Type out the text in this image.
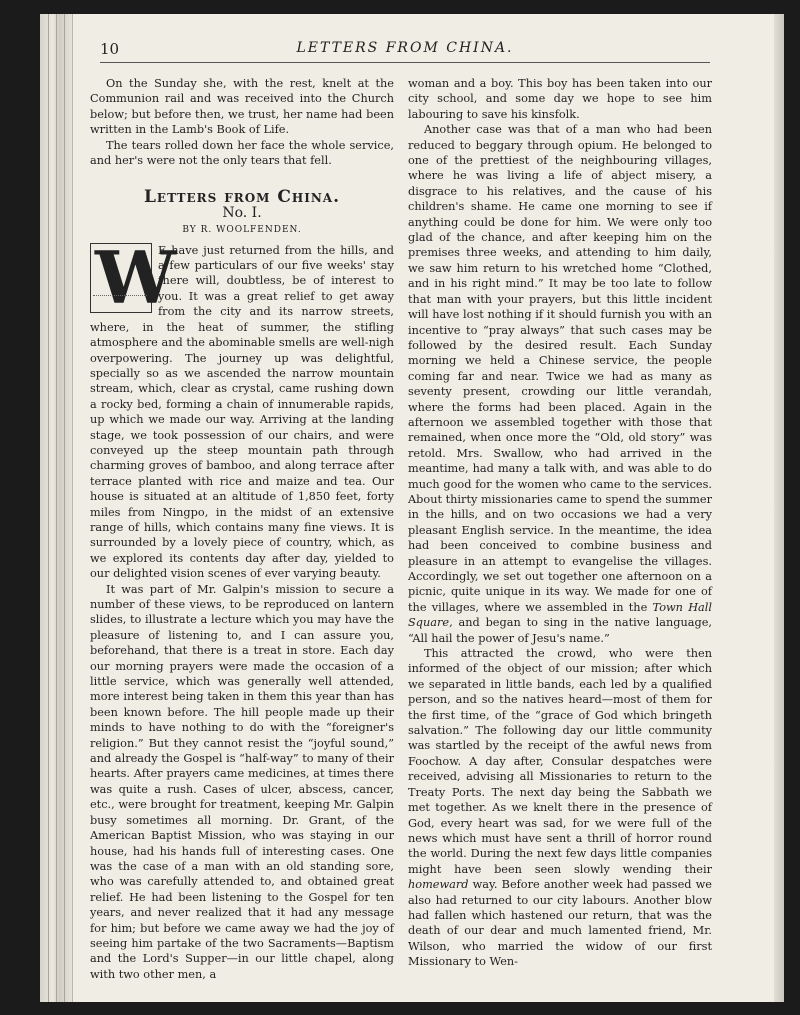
10	LETTERS FROM CHINA.

On the Sunday she, with the rest, knelt at the Communion rail and was received into the Church below; but before then, we trust, her name had been written in the Lamb's Book of Life.

The tears rolled down her face the whole service, and her's were not the only tears that fell.

Letters from China.
No. I.
BY R. WOOLFENDEN.
W

E have just returned from the hills, and a few particulars of our five weeks' stay there will, doubtless, be of interest to you. It was a great relief to get away from the city and its narrow streets, where, in the heat of summer, the stifling atmosphere and the abominable smells are well-nigh overpowering. The journey up was delightful, specially so as we ascended the narrow mountain stream, which, clear as crystal, came rushing down a rocky bed, forming a chain of innumerable rapids, up which we made our way. Arriving at the landing stage, we took possession of our chairs, and were conveyed up the steep mountain path through charming groves of bamboo, and along terrace after terrace planted with rice and maize and tea. Our house is situated at an altitude of 1,850 feet, forty miles from Ningpo, in the midst of an extensive range of hills, which contains many fine views. It is surrounded by a lovely piece of country, which, as we explored its contents day after day, yielded to our delighted vision scenes of ever varying beauty.

It was part of Mr. Galpin's mission to secure a number of these views, to be reproduced on lantern slides, to illustrate a lecture which you may have the pleasure of listening to, and I can assure you, beforehand, that there is a treat in store. Each day our morning prayers were made the occasion of a little service, which was generally well attended, more interest being taken in them this year than has been known before. The hill people made up their minds to have nothing to do with the “foreigner's religion.” But they cannot resist the “joyful sound,” and already the Gospel is “half-way” to many of their hearts. After prayers came medicines, at times there was quite a rush. Cases of ulcer, abscess, cancer, etc., were brought for treatment, keeping Mr. Galpin busy sometimes all morning. Dr. Grant, of the American Baptist Mission, who was staying in our house, had his hands full of interesting cases. One was the case of a man with an old standing sore, who was carefully attended to, and obtained great relief. He had been listening to the Gospel for ten years, and never realized that it had any message for him; but before we came away we had the joy of seeing him partake of the two Sacraments—Baptism and the Lord's Supper—in our little chapel, along with two other men, a

woman and a boy. This boy has been taken into our city school, and some day we hope to see him labouring to save his kinsfolk.

Another case was that of a man who had been reduced to beggary through opium. He belonged to one of the prettiest of the neighbouring villages, where he was living a life of abject misery, a disgrace to his relatives, and the cause of his children's shame. He came one morning to see if anything could be done for him. We were only too glad of the chance, and after keeping him on the premises three weeks, and attending to him daily, we saw him return to his wretched home “Clothed, and in his right mind.” It may be too late to follow that man with your prayers, but this little incident will have lost nothing if it should furnish you with an incentive to “pray always” that such cases may be followed by the desired result. Each Sunday morning we held a Chinese service, the people coming far and near. Twice we had as many as seventy present, crowding our little verandah, where the forms had been placed. Again in the afternoon we assembled together with those that remained, when once more the “Old, old story” was retold. Mrs. Swallow, who had arrived in the meantime, had many a talk with, and was able to do much good for the women who came to the services. About thirty missionaries came to spend the summer in the hills, and on two occasions we had a very pleasant English service. In the meantime, the idea had been conceived to combine business and pleasure in an attempt to evangelise the villages. Accordingly, we set out together one afternoon on a picnic, quite unique in its way. We made for one of the villages, where we assembled in the Town Hall Square, and began to sing in the native language, “All hail the power of Jesu's name.”

This attracted the crowd, who were then informed of the object of our mission; after which we separated in little bands, each led by a qualified person, and so the natives heard—most of them for the first time, of the “grace of God which bringeth salvation.” The following day our little community was startled by the receipt of the awful news from Foochow. A day after, Consular despatches were received, advising all Missionaries to return to the Treaty Ports. The next day being the Sabbath we met together. As we knelt there in the presence of God, every heart was sad, for we were full of the news which must have sent a thrill of horror round the world. During the next few days little companies might have been seen slowly wending their homeward way. Before another week had passed we also had returned to our city labours. Another blow had fallen which hastened our return, that was the death of our dear and much lamented friend, Mr. Wilson, who married the widow of our first Missionary to Wen-
